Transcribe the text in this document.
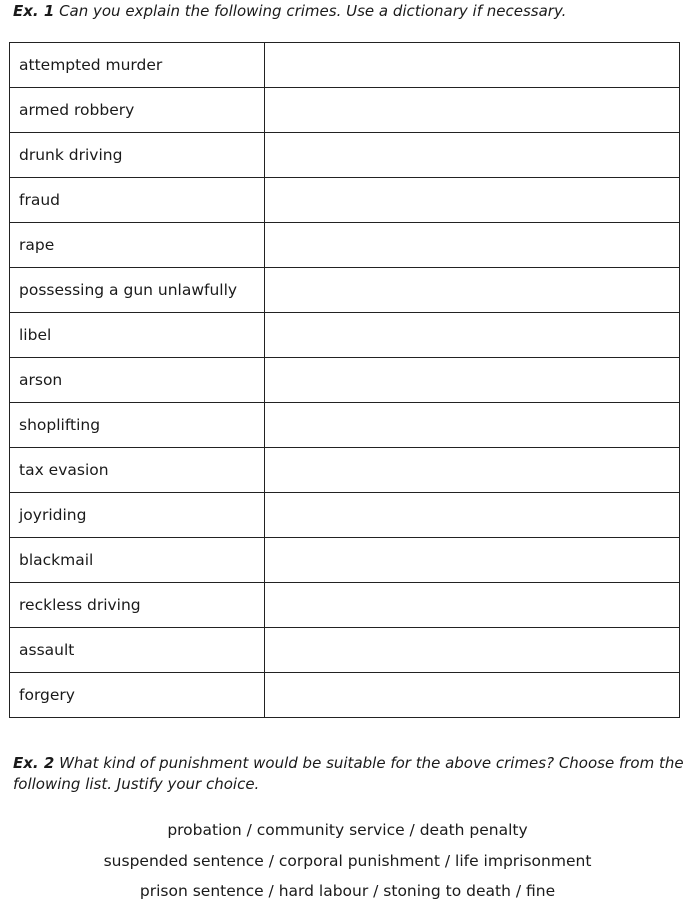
Ex. 1 Can you explain the following crimes. Use a dictionary if necessary.
attempted murder	
armed robbery	
drunk driving	
fraud	
rape	
possessing a gun unlawfully	
libel	
arson	
shoplifting	
tax evasion	
joyriding	
blackmail	
reckless driving	
assault	
forgery	
Ex. 2 What kind of punishment would be suitable for the above crimes? Choose from the following list. Justify your choice.
probation / community service / death penalty
suspended sentence / corporal punishment / life imprisonment
prison sentence / hard labour / stoning to death / fine
